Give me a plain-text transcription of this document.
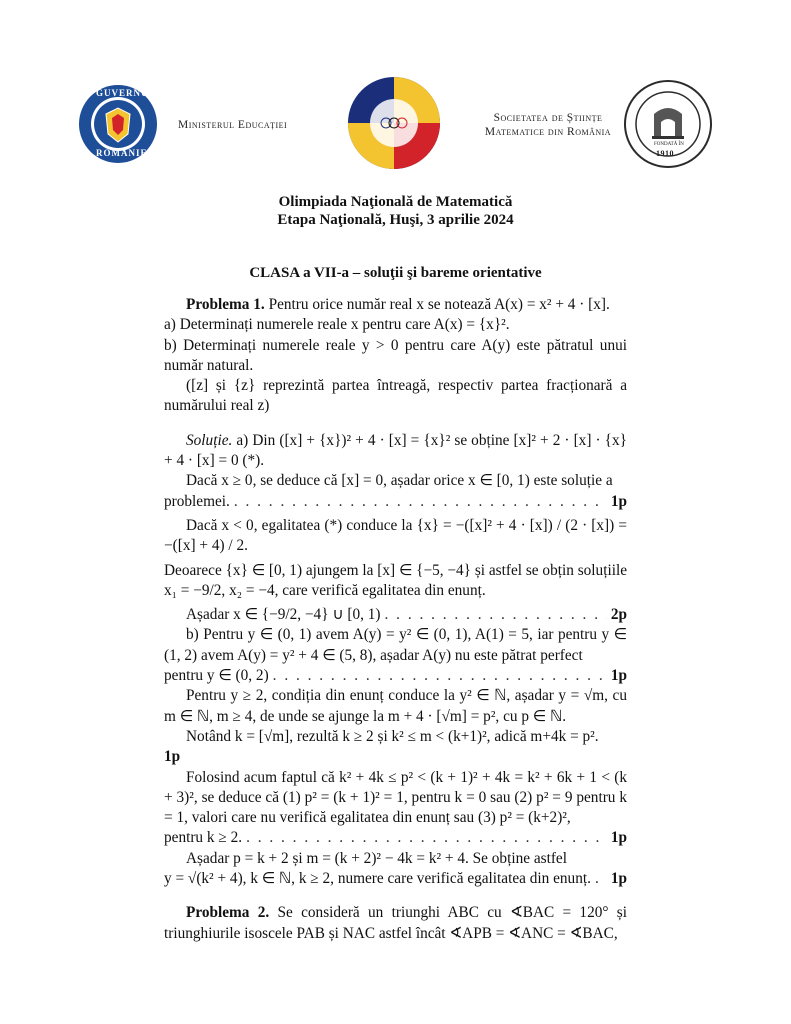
GUVERNUL
ROMÂNIEI
Ministerul Educației
Societatea de Științe
Matematice din România
FONDATĂ ÎN
1910
Olimpiada Naţională de Matematică
Etapa Naţională, Huşi, 3 aprilie 2024
CLASA a VII-a – soluţii şi bareme orientative

Problema 1. Pentru orice număr real x se notează A(x) = x² + 4 · [x].

a) Determinați numerele reale x pentru care A(x) = {x}².

b) Determinați numerele reale y > 0 pentru care A(y) este pătratul unui număr natural.

([z] și {z} reprezintă partea întreagă, respectiv partea fracționară a numărului real z)

Soluție. a) Din ([x] + {x})² + 4 · [x] = {x}² se obține [x]² + 2 · [x] · {x} + 4 · [x] = 0 (*).

Dacă x ≥ 0, se deduce că [x] = 0, așadar orice x ∈ [0, 1) este soluție a

problemei. . . .	1p

Dacă x < 0, egalitatea (*) conduce la {x} = −([x]² + 4 · [x]) / (2 · [x]) = −([x] + 4) / 2.

Deoarece {x} ∈ [0, 1) ajungem la [x] ∈ {−5, −4} și astfel se obțin soluțiile x₁ = −9/2, x₂ = −4, care verifică egalitatea din enunț.

Așadar x ∈ {−9/2, −4} ∪ [0, 1) . . .	2p

b) Pentru y ∈ (0, 1) avem A(y) = y² ∈ (0, 1), A(1) = 5, iar pentru y ∈ (1, 2) avem A(y) = y² + 4 ∈ (5, 8), așadar A(y) nu este pătrat perfect

pentru y ∈ (0, 2) . . .	1p

Pentru y ≥ 2, condiția din enunț conduce la y² ∈ ℕ, așadar y = √m, cu m ∈ ℕ, m ≥ 4, de unde se ajunge la m + 4 · [√m] = p², cu p ∈ ℕ.

Notând k = [√m], rezultă k ≥ 2 și k² ≤ m < (k+1)², adică m+4k = p².

1p

Folosind acum faptul că k² + 4k ≤ p² < (k + 1)² + 4k = k² + 6k + 1 < (k + 3)², se deduce că (1) p² = (k + 1)² = 1, pentru k = 0 sau (2) p² = 9 pentru k = 1, valori care nu verifică egalitatea din enunț sau (3) p² = (k+2)²,

pentru k ≥ 2. . . .	1p

Așadar p = k + 2 și m = (k + 2)² − 4k = k² + 4. Se obține astfel

y = √(k² + 4), k ∈ ℕ, k ≥ 2, numere care verifică egalitatea din enunț. . . . 1p

Problema 2. Se consideră un triunghi ABC cu ∢BAC = 120° și triunghiurile isoscele PAB și NAC astfel încât ∢APB = ∢ANC = ∢BAC,
